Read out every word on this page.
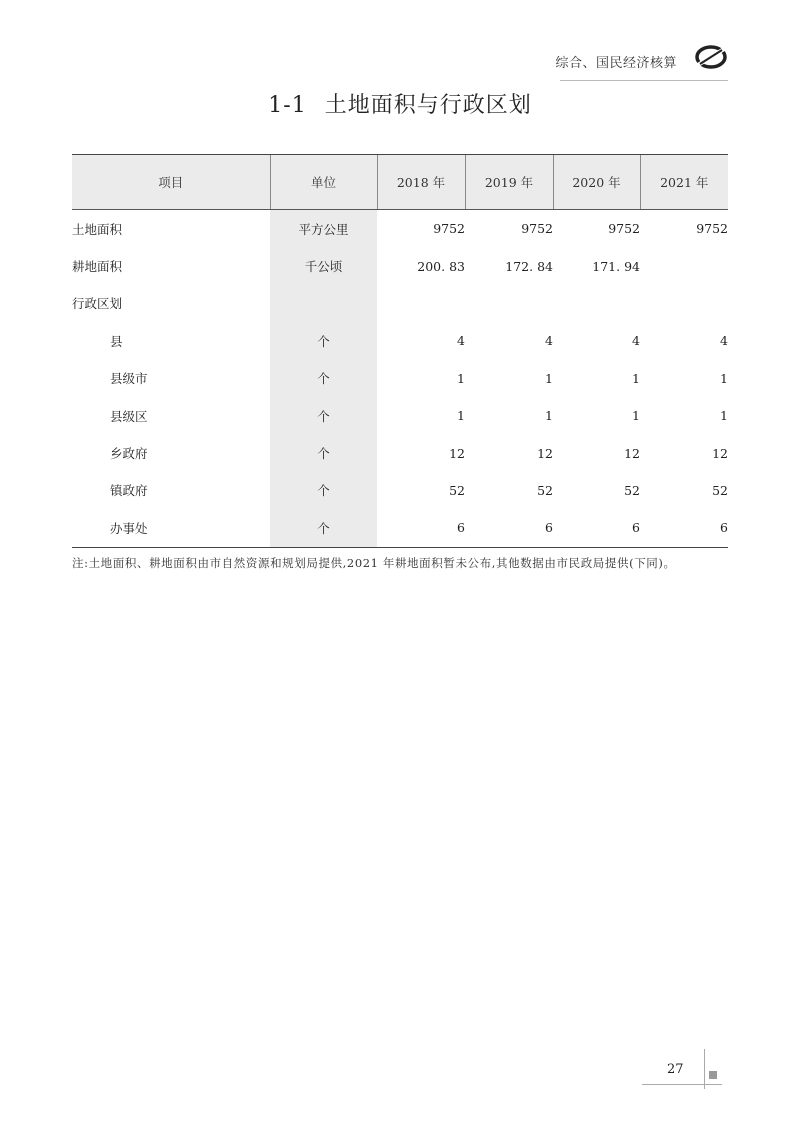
综合、国民经济核算
1-1 土地面积与行政区划
项目	单位	2018 年	2019 年	2020 年	2021 年
土地面积	平方公里	9752	9752	9752	9752
耕地面积	千公顷	200. 83	172. 84	171. 94	
行政区划					
县	个	4	4	4	4
县级市	个	1	1	1	1
县级区	个	1	1	1	1
乡政府	个	12	12	12	12
镇政府	个	52	52	52	52
办事处	个	6	6	6	6
注:土地面积、耕地面积由市自然资源和规划局提供,2021 年耕地面积暂未公布,其他数据由市民政局提供(下同)。
27
